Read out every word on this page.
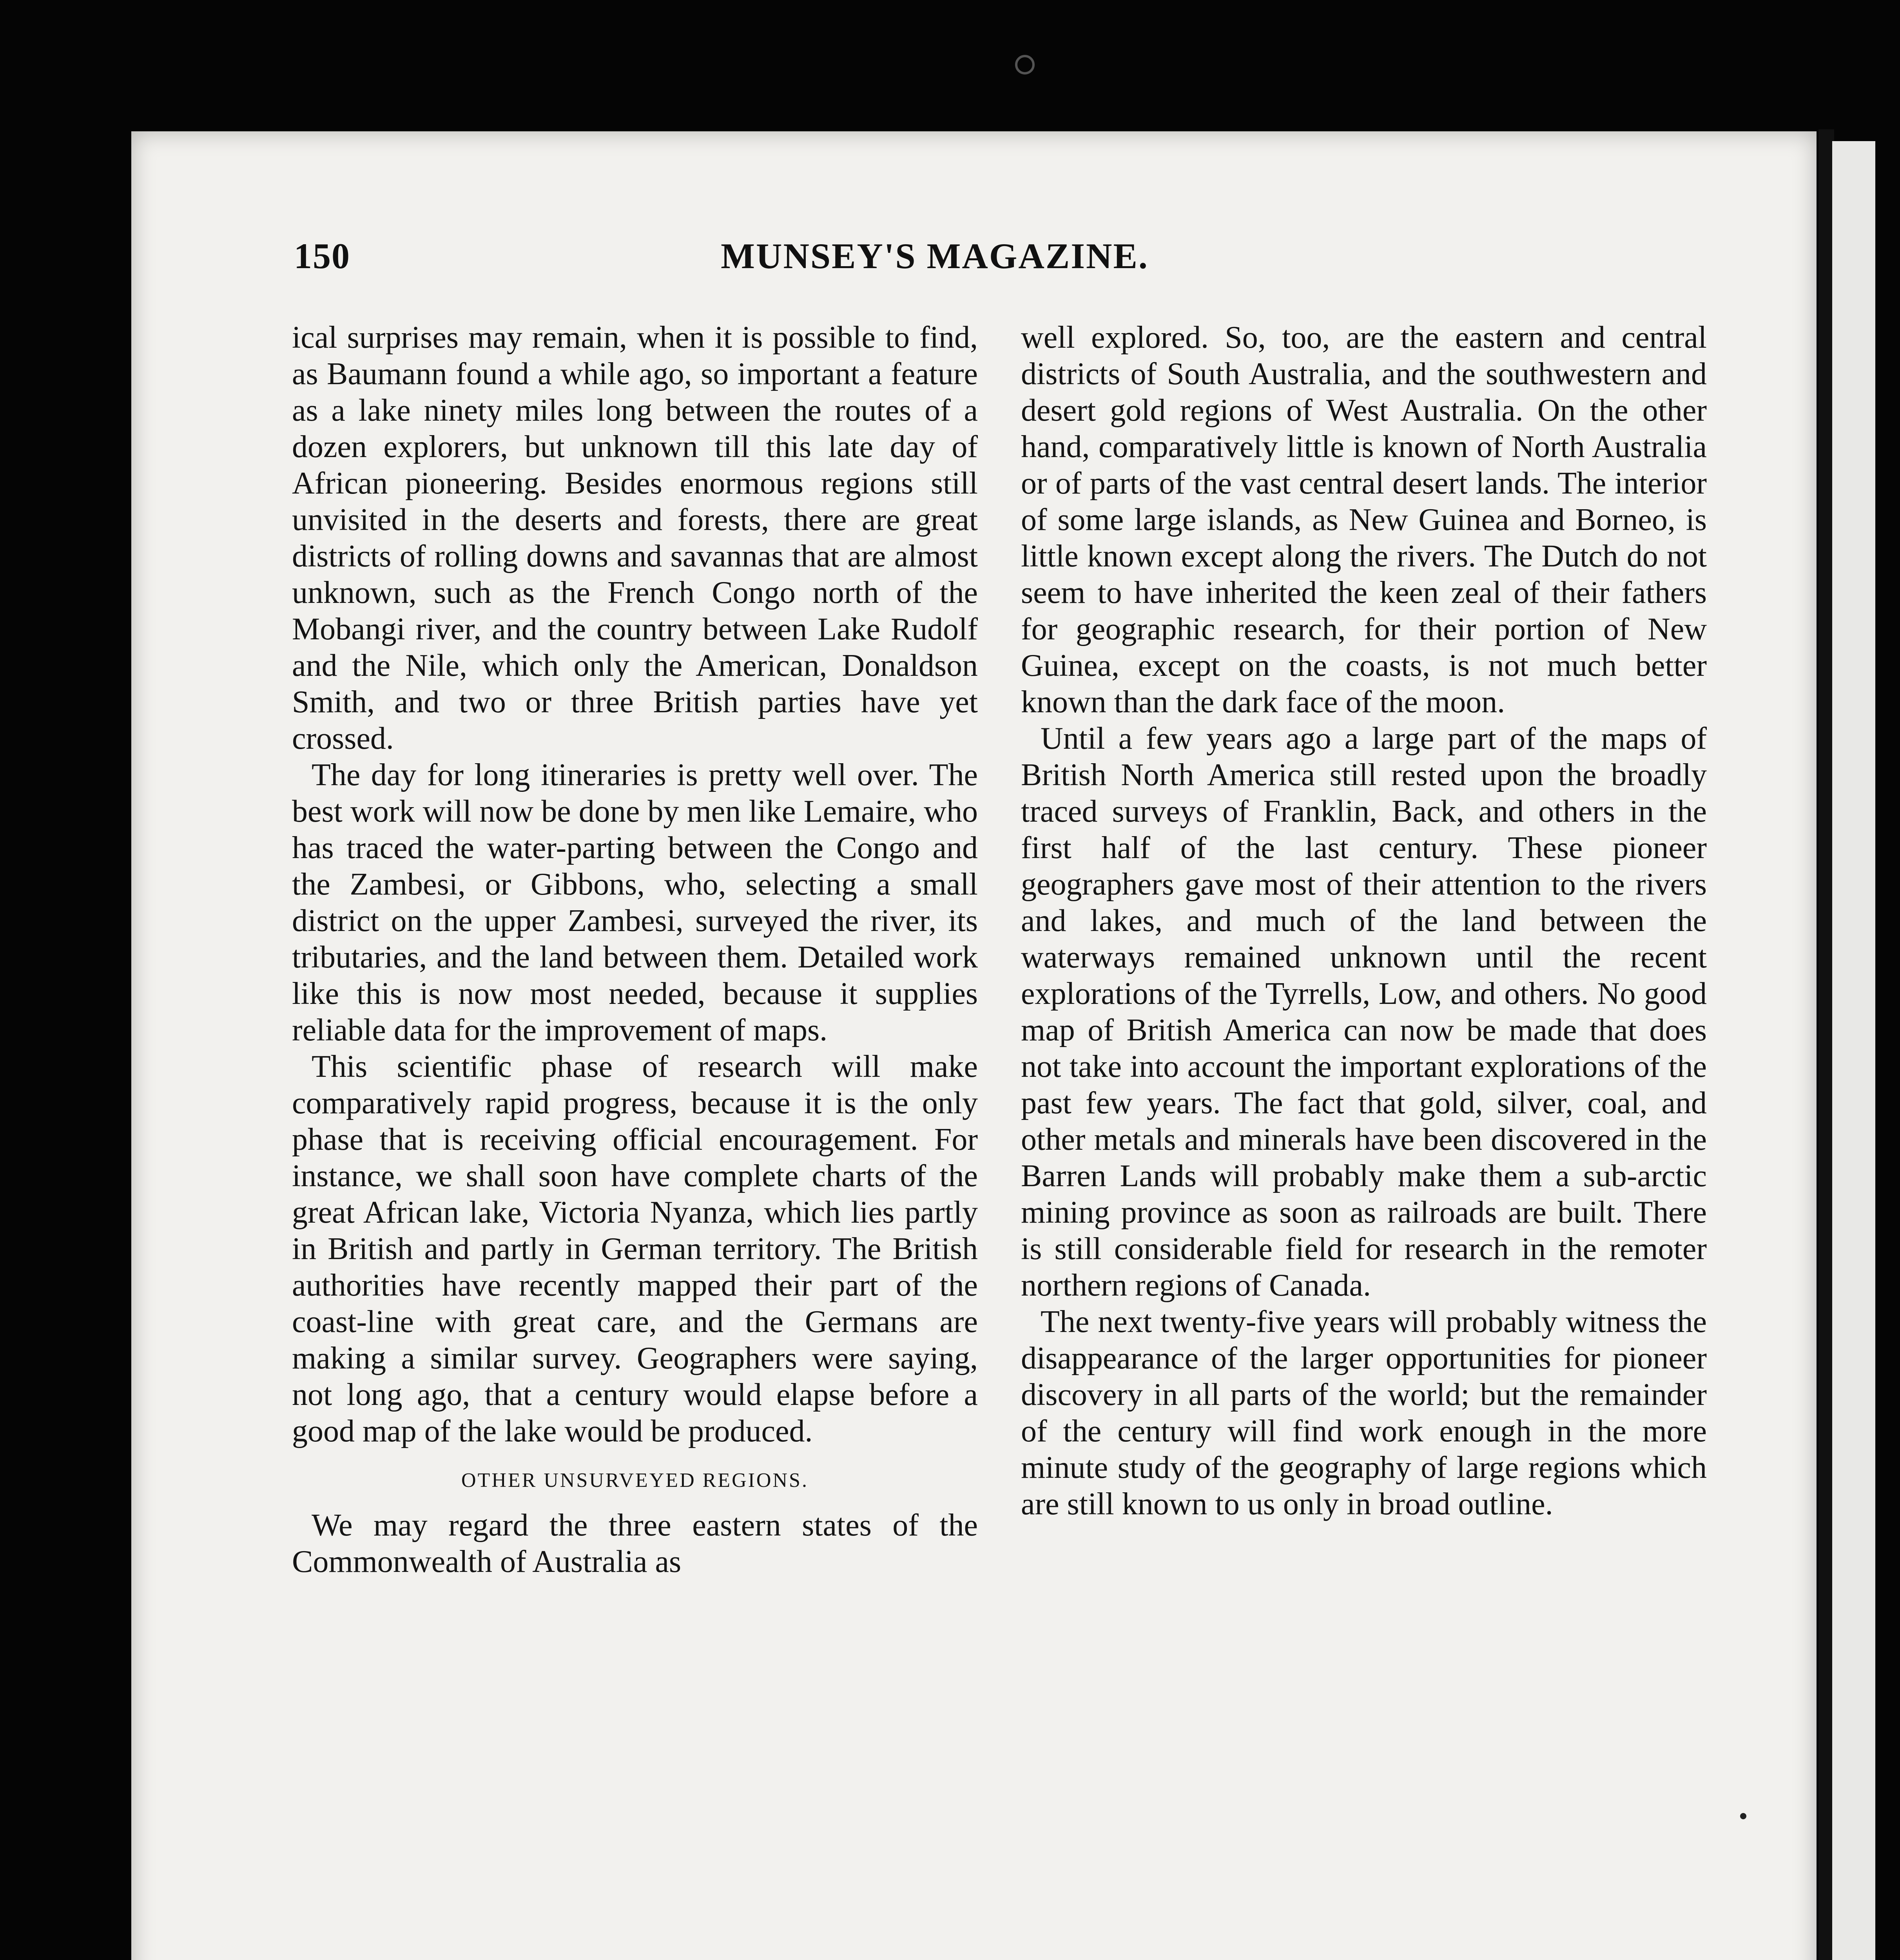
150	MUNSEY'S MAGAZINE.

ical surprises may remain, when it is possible to find, as Baumann found a while ago, so important a feature as a lake ninety miles long between the routes of a dozen explorers, but unknown till this late day of African pioneering. Besides enormous regions still unvisited in the deserts and forests, there are great districts of rolling downs and savannas that are almost unknown, such as the French Congo north of the Mobangi river, and the country between Lake Rudolf and the Nile, which only the American, Donaldson Smith, and two or three British parties have yet crossed.

The day for long itineraries is pretty well over. The best work will now be done by men like Lemaire, who has traced the water-parting between the Congo and the Zambesi, or Gibbons, who, selecting a small district on the upper Zambesi, surveyed the river, its tributaries, and the land between them. Detailed work like this is now most needed, because it supplies reliable data for the improvement of maps.

This scientific phase of research will make comparatively rapid progress, because it is the only phase that is receiving official encouragement. For instance, we shall soon have complete charts of the great African lake, Victoria Nyanza, which lies partly in British and partly in German territory. The British authorities have recently mapped their part of the coast-line with great care, and the Germans are making a similar survey. Geographers were saying, not long ago, that a century would elapse before a good map of the lake would be produced.

OTHER UNSURVEYED REGIONS.

We may regard the three eastern states of the Commonwealth of Australia as

well explored. So, too, are the eastern and central districts of South Australia, and the southwestern and desert gold regions of West Australia. On the other hand, comparatively little is known of North Australia or of parts of the vast central desert lands. The interior of some large islands, as New Guinea and Borneo, is little known except along the rivers. The Dutch do not seem to have inherited the keen zeal of their fathers for geographic research, for their portion of New Guinea, except on the coasts, is not much better known than the dark face of the moon.

Until a few years ago a large part of the maps of British North America still rested upon the broadly traced surveys of Franklin, Back, and others in the first half of the last century. These pioneer geographers gave most of their attention to the rivers and lakes, and much of the land between the waterways remained unknown until the recent explorations of the Tyrrells, Low, and others. No good map of British America can now be made that does not take into account the important explorations of the past few years. The fact that gold, silver, coal, and other metals and minerals have been discovered in the Barren Lands will probably make them a sub-arctic mining province as soon as railroads are built. There is still considerable field for research in the remoter northern regions of Canada.

The next twenty-five years will probably witness the disappearance of the larger opportunities for pioneer discovery in all parts of the world; but the remainder of the century will find work enough in the more minute study of the geography of large regions which are still known to us only in broad outline.
